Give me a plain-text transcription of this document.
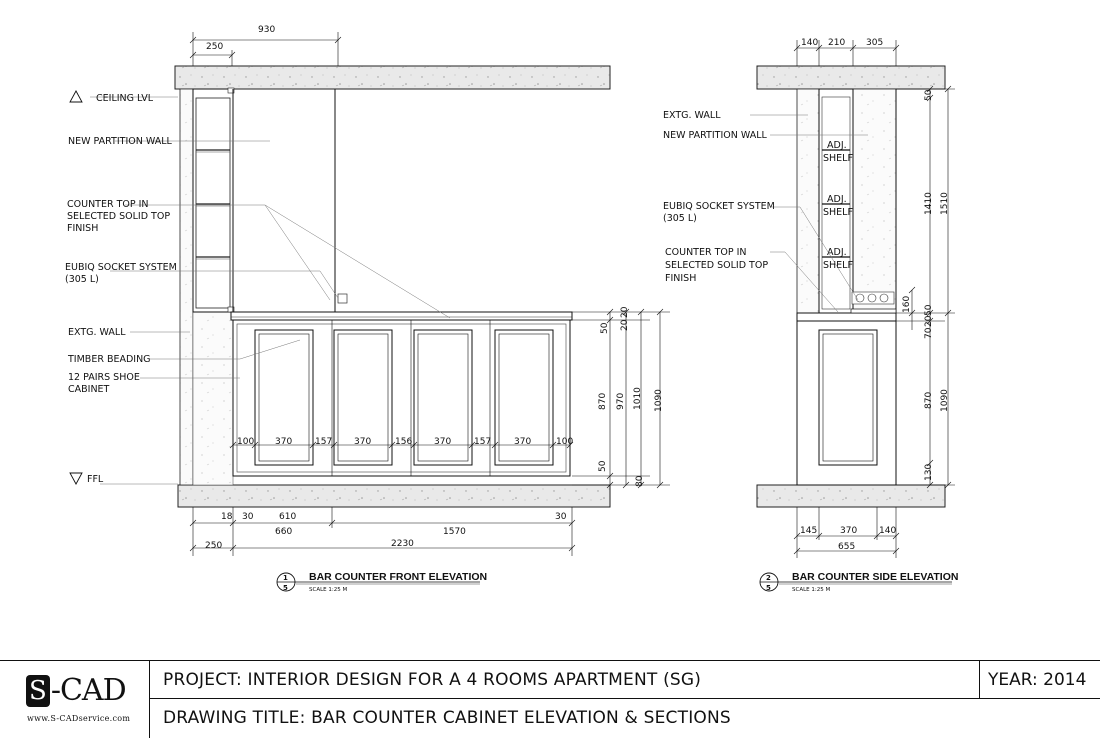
CEILING LVL
NEW PARTITION WALL
COUNTER TOP IN
SELECTED SOLID TOP
FINISH
EUBIQ SOCKET SYSTEM
(305 L)
EXTG. WALL
TIMBER BEADING
12 PAIRS SHOE
CABINET
FFL
930
250
100 370	157 370	156 370	157	370	100
50 20
20
870 970 1010 1090
50
80
18 30	610	30
660	1570
250	2230
1
5
BAR COUNTER FRONT ELEVATION
SCALE 1:25 M
ADJ.
SHELF
ADJ.
SHELF
ADJ.
SHELF
EXTG. WALL
NEW PARTITION WALL
EUBIQ SOCKET SYSTEM
(305 L)
COUNTER TOP IN
SELECTED SOLID TOP
FINISH
140 210 305
50
1410 1510
160 50
20
70
870 1090
130
145	370 140
655
2
5
BAR COUNTER SIDE ELEVATION
SCALE 1:25 M
S -CAD
www.S-CADservice.com
PROJECT: INTERIOR DESIGN FOR A 4 ROOMS APARTMENT (SG)	YEAR: 2014
DRAWING TITLE: BAR COUNTER CABINET ELEVATION & SECTIONS
